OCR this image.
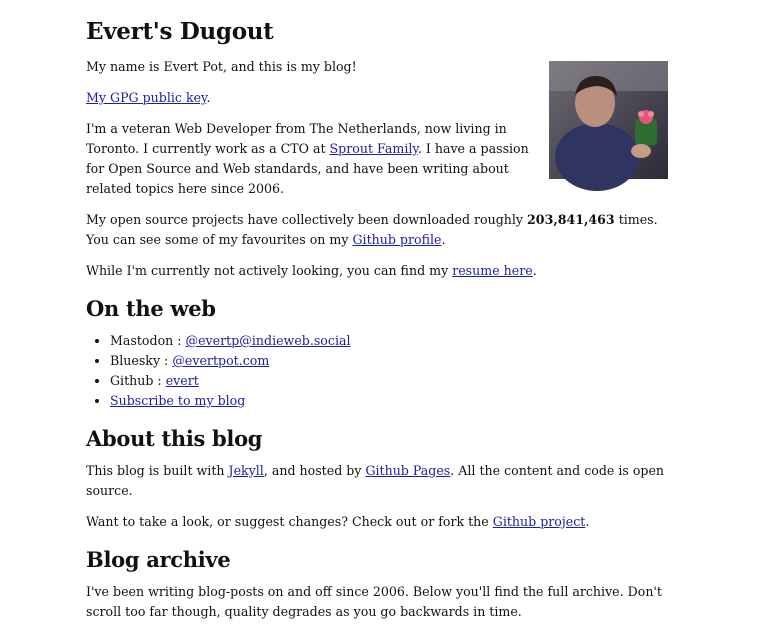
Evert's Dugout

My name is Evert Pot, and this is my blog!

My GPG public key.

I'm a veteran Web Developer from The Netherlands, now living in Toronto. I currently work as a CTO at Sprout Family. I have a passion for Open Source and Web standards, and have been writing about related topics here since 2006.

My open source projects have collectively been downloaded roughly 203,841,463 times. You can see some of my favourites on my Github profile.

While I'm currently not actively looking, you can find my resume here.

On the web
• Mastodon : @evertp@indieweb.social
• Bluesky : @evertpot.com
• Github : evert
• Subscribe to my blog
About this blog

This blog is built with Jekyll, and hosted by Github Pages. All the content and code is open source.

Want to take a look, or suggest changes? Check out or fork the Github project.

Blog archive

I've been writing blog-posts on and off since 2006. Below you'll find the full archive. Don't scroll too far though, quality degrades as you go backwards in time.
